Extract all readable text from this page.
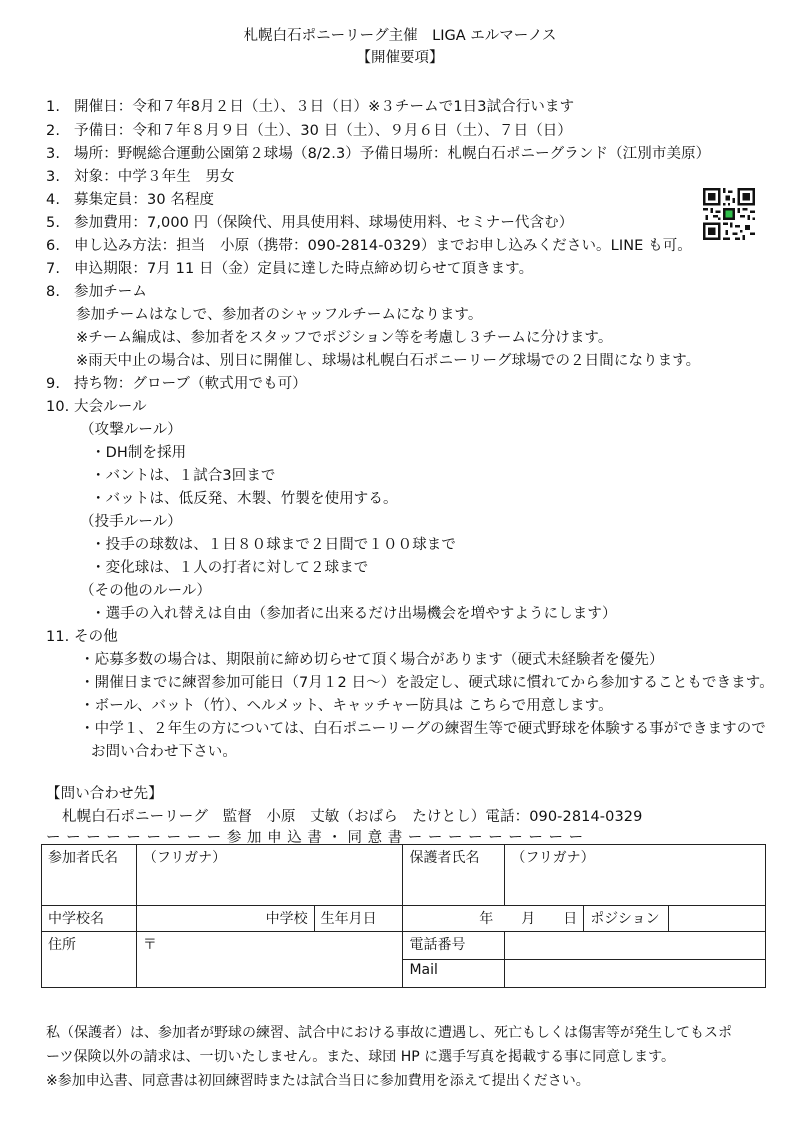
札幌白石ポニーリーグ主催　LIGA エルマーノス
【開催要項】
1. 開催日：令和７年8月２日（土）、３日（日）※３チームで1日3試合行います
2. 予備日：令和７年８月９日（土）、30 日（土）、９月６日（土）、７日（日）
3. 場所：野幌総合運動公園第２球場（8/2.3）予備日場所：札幌白石ポニーグランド（江別市美原）
3. 対象：中学３年生　男女
4. 募集定員：30 名程度
5. 参加費用：7,000 円（保険代、用具使用料、球場使用料、セミナー代含む）
6. 申し込み方法：担当　小原（携帯：090-2814-0329）までお申し込みください。LINE も可。
7. 申込期限：7月 11 日（金）定員に達した時点締め切らせて頂きます。
8. 参加チーム
参加チームはなしで、参加者のシャッフルチームになります。
※チーム編成は、参加者をスタッフでポジション等を考慮し３チームに分けます。
※雨天中止の場合は、別日に開催し、球場は札幌白石ポニーリーグ球場での２日間になります。
9. 持ち物：グローブ（軟式用でも可）
10. 大会ルール
（攻撃ルール）
・DH制を採用
・バントは、１試合3回まで
・バットは、低反発、木製、竹製を使用する。
（投手ルール）
・投手の球数は、１日８０球まで２日間で１００球まで
・変化球は、１人の打者に対して２球まで
（その他のルール）
・選手の入れ替えは自由（参加者に出来るだけ出場機会を増やすようにします）
11. その他
・応募多数の場合は、期限前に締め切らせて頂く場合があります（硬式未経験者を優先）
・開催日までに練習参加可能日（7月１2 日～）を設定し、硬式球に慣れてから参加することもできます。
・ボール、バット（竹）、ヘルメット、キャッチャー防具は こちらで用意します。
・中学１、２年生の方については、白石ポニーリーグの練習生等で硬式野球を体験する事ができますので
お問い合わせ下さい。
【問い合わせ先】
札幌白石ポニーリーグ　監督　小原　丈敏（おばら　たけとし）電話：090-2814-0329
ーーーーーーーーー参加申込書・同意書ーーーーーーーーー
参加者氏名	（フリガナ）		保護者氏名	（フリガナ）		
中学校名	中学校	生年月日	年　　月　　日		ポジション	
住所	〒		電話番号			
			Mail			
私（保護者）は、参加者が野球の練習、試合中における事故に遭遇し、死亡もしくは傷害等が発生してもスポ
ーツ保険以外の請求は、一切いたしません。また、球団 HP に選手写真を掲載する事に同意します。
※参加申込書、同意書は初回練習時または試合当日に参加費用を添えて提出ください。
